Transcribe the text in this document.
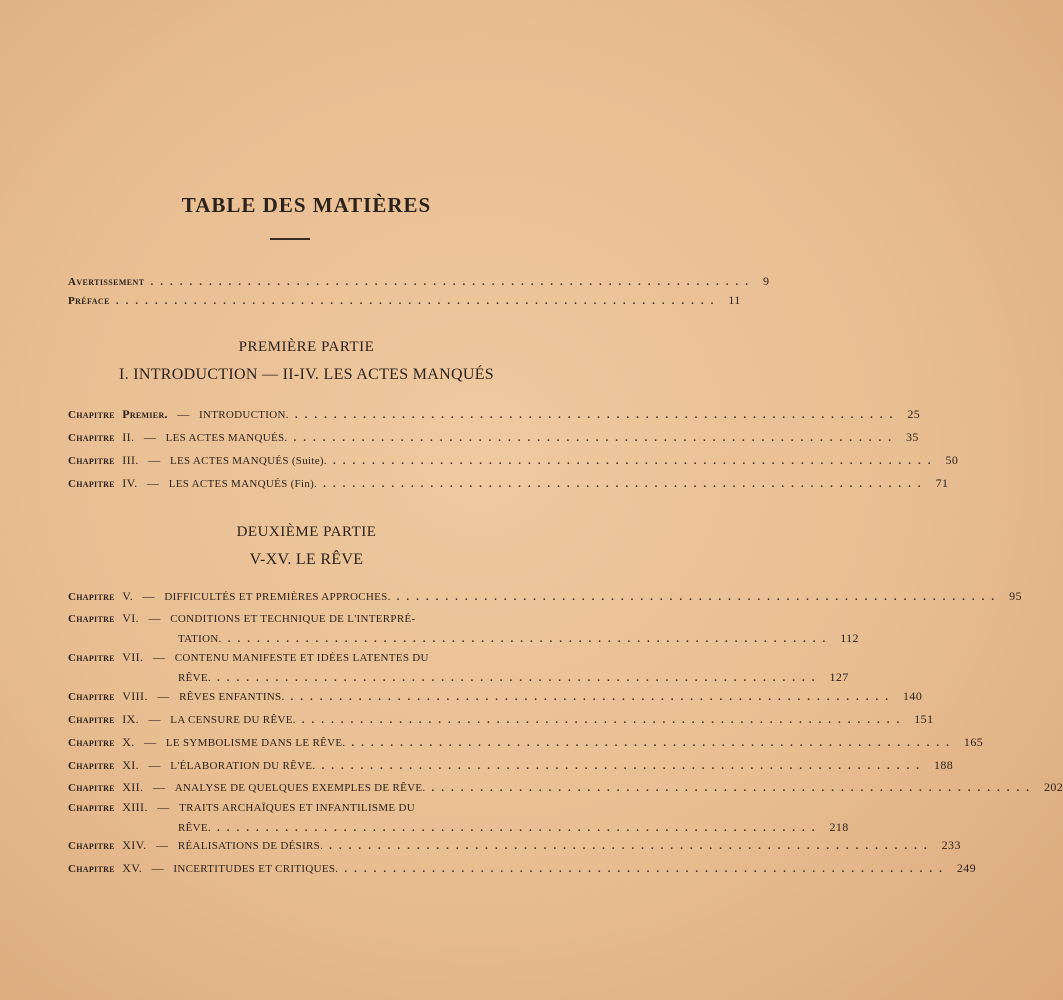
TABLE DES MATIÈRES
Avertissement .............................................................. 9
Préface .............................................................. 11
PREMIÈRE PARTIE
I. INTRODUCTION — II-IV. LES ACTES MANQUÉS
Chapitre Premier. — INTRODUCTION. .............................................................. 25
Chapitre II. — LES ACTES MANQUÉS. .............................................................. 35
Chapitre III. — LES ACTES MANQUÉS (Suite). .............................................................. 50
Chapitre IV. — LES ACTES MANQUÉS (Fin). .............................................................. 71
DEUXIÈME PARTIE
V-XV. LE RÊVE
Chapitre V. — DIFFICULTÉS ET PREMIÈRES APPROCHES. .............................................................. 95
Chapitre VI. — CONDITIONS ET TECHNIQUE DE L'INTERPRÉ-
TATION. .............................................................. 112
Chapitre VII. — CONTENU MANIFESTE ET IDÉES LATENTES DU
RÊVE. .............................................................. 127
Chapitre VIII. — RÊVES ENFANTINS. .............................................................. 140
Chapitre IX. — LA CENSURE DU RÊVE. .............................................................. 151
Chapitre X. — LE SYMBOLISME DANS LE RÊVE. .............................................................. 165
Chapitre XI. — L'ÉLABORATION DU RÊVE. .............................................................. 188
Chapitre XII. — ANALYSE DE QUELQUES EXEMPLES DE RÊVE. .............................................................. 202
Chapitre XIII. — TRAITS ARCHAÏQUES ET INFANTILISME DU
RÊVE. .............................................................. 218
Chapitre XIV. — RÉALISATIONS DE DÉSIRS. .............................................................. 233
Chapitre XV. — INCERTITUDES ET CRITIQUES. .............................................................. 249
